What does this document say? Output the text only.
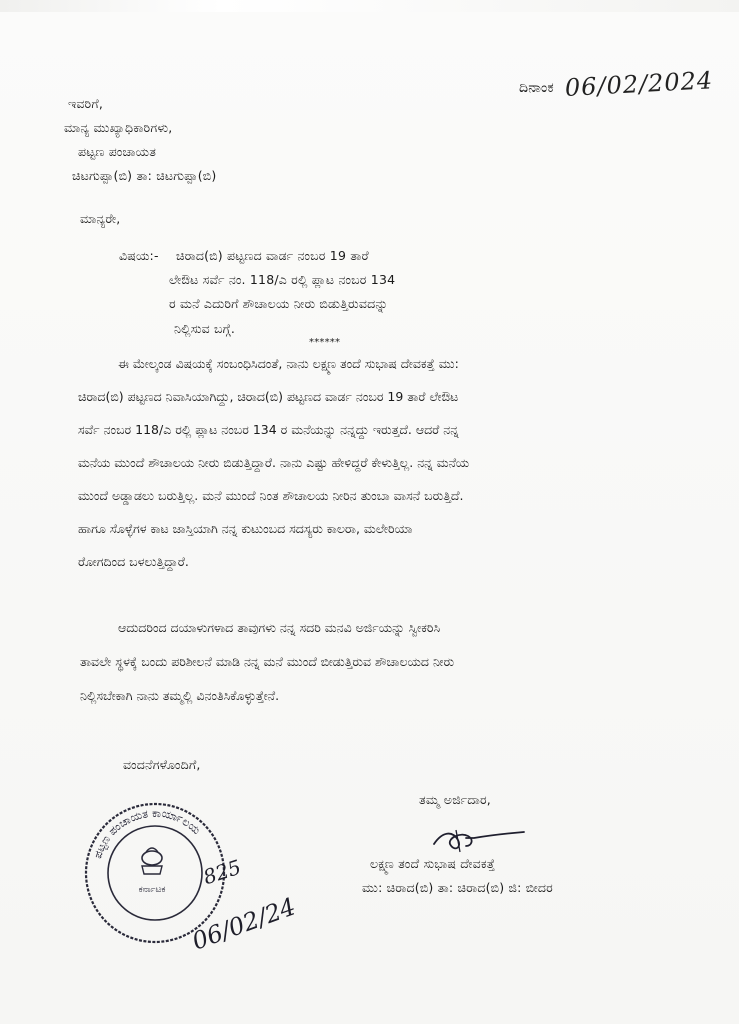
ದಿನಾಂಕ 06/02/2024
ಇವರಿಗೆ,
ಮಾನ್ಯ ಮುಖ್ಯಾಧಿಕಾರಿಗಳು,
ಪಟ್ಟಣ ಪಂಚಾಯತ
ಚಿಟಗುಪ್ಪಾ(ಬಿ) ತಾ: ಚಿಟಗುಪ್ಪಾ(ಬಿ)
ಮಾನ್ಯರೇ,
ವಿಷಯ:- ಚಿರಾದ(ಬಿ) ಪಟ್ಟಣದ ವಾರ್ಡ ನಂಬರ 19 ತಾರೆ
ಲೇಔಟ ಸರ್ವೆ ನಂ. 118/ಎ ರಲ್ಲಿ ಪ್ಲಾಟ ನಂಬರ 134
ರ ಮನೆ ಎದುರಿಗೆ ಶೌಚಾಲಯ ನೀರು ಬಿಡುತ್ತಿರುವದನ್ನು
ನಿಲ್ಲಿಸುವ ಬಗ್ಗೆ.
******
ಈ ಮೇಲ್ಕಂಡ ವಿಷಯಕ್ಕೆ ಸಂಬಂಧಿಸಿದಂತೆ, ನಾನು ಲಕ್ಷ್ಮಣ ತಂದೆ ಸುಭಾಷ ದೇವಕತ್ತೆ ಮು:
ಚಿರಾದ(ಬಿ) ಪಟ್ಟಣದ ನಿವಾಸಿಯಾಗಿದ್ದು, ಚಿರಾದ(ಬಿ) ಪಟ್ಟಣದ ವಾರ್ಡ ನಂಬರ 19 ತಾರೆ ಲೇಔಟ
ಸರ್ವೆ ನಂಬರ 118/ಎ ರಲ್ಲಿ ಪ್ಲಾಟ ನಂಬರ 134 ರ ಮನೆಯನ್ನು ನನ್ನದ್ದು ಇರುತ್ತದೆ. ಆದರೆ ನನ್ನ
ಮನೆಯ ಮುಂದೆ ಶೌಚಾಲಯ ನೀರು ಬಿಡುತ್ತಿದ್ದಾರೆ. ನಾನು ಎಷ್ಟು ಹೇಳಿದ್ದರೆ ಕೇಳುತ್ತಿಲ್ಲ. ನನ್ನ ಮನೆಯ
ಮುಂದೆ ಅಡ್ಡಾಡಲು ಬರುತ್ತಿಲ್ಲ. ಮನೆ ಮುಂದೆ ನಿಂತ ಶೌಚಾಲಯ ನೀರಿನ ತುಂಬಾ ವಾಸನೆ ಬರುತ್ತಿದೆ.
ಹಾಗೂ ಸೊಳ್ಳೆಗಳ ಕಾಟ ಜಾಸ್ತಿಯಾಗಿ ನನ್ನ ಕುಟುಂಬದ ಸದಸ್ಯರು ಕಾಲರಾ, ಮಲೇರಿಯಾ
ರೋಗದಿಂದ ಬಳಲುತ್ತಿದ್ದಾರೆ.
ಆದುದರಿಂದ ದಯಾಳುಗಳಾದ ತಾವುಗಳು ನನ್ನ ಸದರಿ ಮನವಿ ಅರ್ಜಿಯನ್ನು ಸ್ವೀಕರಿಸಿ
ತಾವಲೇ ಸ್ಥಳಕ್ಕೆ ಬಂದು ಪರಿಶೀಲನೆ ಮಾಡಿ ನನ್ನ ಮನೆ ಮುಂದೆ ಬೀಡುತ್ತಿರುವ ಶೌಚಾಲಯದ ನೀರು
ನಿಲ್ಲಿಸಬೇಕಾಗಿ ನಾನು ತಮ್ಮಲ್ಲಿ ವಿನಂತಿಸಿಕೊಳ್ಳುತ್ತೇನೆ.
ವಂದನೆಗಳೊಂದಿಗೆ,
ತಮ್ಮ ಅರ್ಜಿದಾರ,
ಲಕ್ಷ್ಮಣ ತಂದೆ ಸುಭಾಷ ದೇವಕತ್ತೆ
ಮು: ಚಿರಾದ(ಬಿ) ತಾ: ಚಿರಾದ(ಬಿ) ಜಿ: ಬೀದರ
ಪಟ್ಟಣ ಪಂಚಾಯತ ಕಾರ್ಯಾಲಯ
ಕರ್ನಾಟಕ
825
06/02/24
